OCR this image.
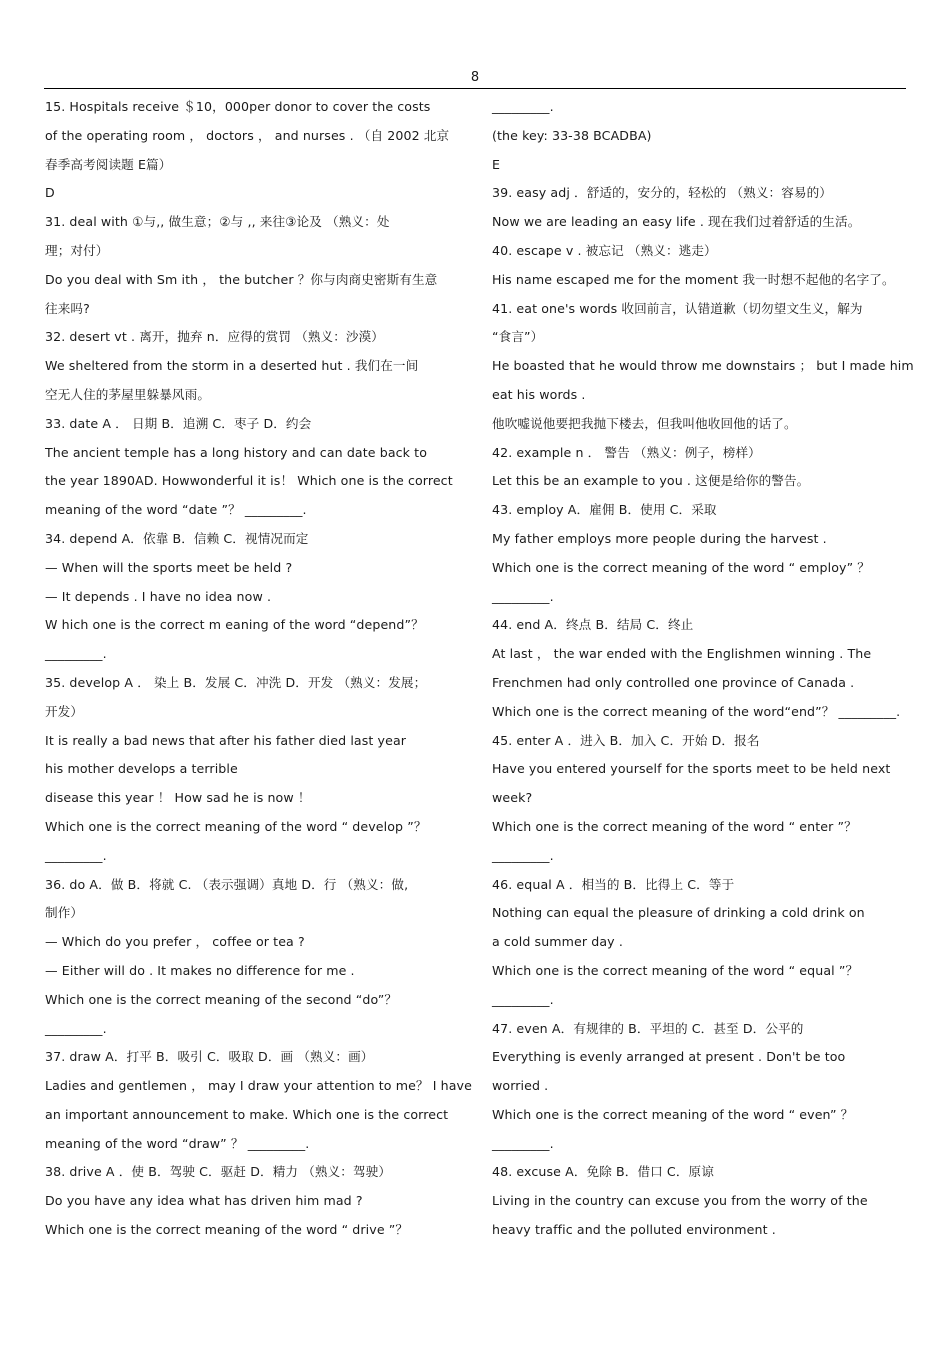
8
15. Hospitals receive ＄10，000per donor to cover the costs
of the operating room ， doctors ， and nurses . （自 2002 北京
春季高考阅读题 E篇）
D
31. deal with ①与,, 做生意；②与 ,, 来往③论及 （熟义：处
理；对付）
Do you deal with Sm ith ， the butcher ？你与肉商史密斯有生意
往来吗?
32. desert vt . 离开，抛弃 n．应得的赏罚 （熟义：沙漠）
We sheltered from the storm in a deserted hut . 我们在一间
空无人住的茅屋里躲暴风雨。
33. date A ． 日期 B．追溯 C．枣子 D．约会
The ancient temple has a long history and can date back to
the year 1890AD. Howwonderful it is！ Which one is the correct
meaning of the word “date ”？ _________.
34. depend A．依靠 B．信赖 C．视情况而定
— When will the sports meet be held ?
— It depends . I have no idea now .
W hich one is the correct m eaning of the word “depend”？
_________.
35. develop A ． 染上 B．发展 C．冲洗 D．开发 （熟义：发展；
开发）
It is really a bad news that after his father died last year
his mother develops a terrible
disease this year ！ How sad he is now ！
Which one is the correct meaning of the word “ develop ”？
_________.
36. do A．做 B．将就 C. （表示强调）真地 D．行 （熟义：做,
制作）
— Which do you prefer ， coffee or tea ?
— Either will do . It makes no difference for me .
Which one is the correct meaning of the second “do”？
_________.
37. draw A．打平 B．吸引 C．吸取 D．画 （熟义：画）
Ladies and gentlemen ， may I draw your attention to me？ I have
an important announcement to make. Which one is the correct
meaning of the word “draw” ？ _________.
38. drive A ．使 B．驾驶 C．驱赶 D．精力 （熟义：驾驶）
Do you have any idea what has driven him mad ?
Which one is the correct meaning of the word “ drive ”？
_________.
(the key: 33-38 BCADBA)
E
39. easy adj ．舒适的，安分的，轻松的 （熟义：容易的）
Now we are leading an easy life . 现在我们过着舒适的生活。
40. escape v . 被忘记 （熟义：逃走）
His name escaped me for the moment 我一时想不起他的名字了。
41. eat one's words 收回前言，认错道歉（切勿望文生义，解为
“食言”）
He boasted that he would throw me downstairs ； but I made him
eat his words .
他吹嘘说他要把我抛下楼去，但我叫他收回他的话了。
42. example n ． 警告 （熟义：例子，榜样）
Let this be an example to you . 这便是给你的警告。
43. employ A．雇佣 B．使用 C．采取
My father employs more people during the harvest .
Which one is the correct meaning of the word “ employ” ？
_________.
44. end A．终点 B．结局 C．终止
At last ， the war ended with the Englishmen winning . The
Frenchmen had only controlled one province of Canada .
Which one is the correct meaning of the word“end”？ _________.
45. enter A ．进入 B．加入 C．开始 D．报名
Have you entered yourself for the sports meet to be held next
week?
Which one is the correct meaning of the word “ enter ”？
_________.
46. equal A ．相当的 B．比得上 C．等于
Nothing can equal the pleasure of drinking a cold drink on
a cold summer day .
Which one is the correct meaning of the word “ equal ”？
_________.
47. even A．有规律的 B．平坦的 C．甚至 D．公平的
Everything is evenly arranged at present . Don't be too
worried .
Which one is the correct meaning of the word “ even” ？
_________.
48. excuse A．免除 B．借口 C．原谅
Living in the country can excuse you from the worry of the
heavy traffic and the polluted environment .
